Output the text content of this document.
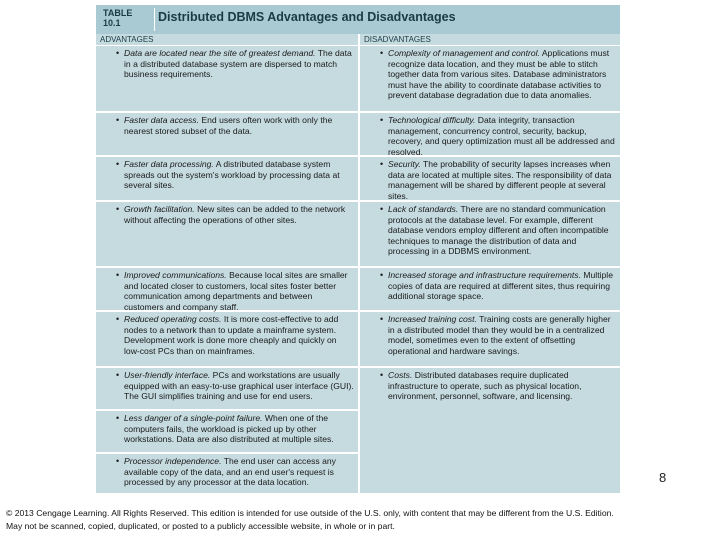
TABLE 10.1	Distributed DBMS Advantages and Disadvantages
ADVANTAGES	DISADVANTAGES
• Data are located near the site of greatest demand. The data in a distributed database system are dispersed to match business requirements.
• Faster data access. End users often work with only the nearest stored subset of the data.
• Faster data processing. A distributed database system spreads out the system's workload by processing data at several sites.
• Growth facilitation. New sites can be added to the network without affecting the operations of other sites.
• Improved communications. Because local sites are smaller and located closer to customers, local sites foster better communication among departments and between customers and company staff.
• Reduced operating costs. It is more cost-effective to add nodes to a network than to update a mainframe system. Development work is done more cheaply and quickly on low-cost PCs than on mainframes.
• User-friendly interface. PCs and workstations are usually equipped with an easy-to-use graphical user interface (GUI). The GUI simplifies training and use for end users.
• Less danger of a single-point failure. When one of the computers fails, the workload is picked up by other workstations. Data are also distributed at multiple sites.
• Processor independence. The end user can access any available copy of the data, and an end user's request is processed by any processor at the data location.
• Complexity of management and control. Applications must recognize data location, and they must be able to stitch together data from various sites. Database administrators must have the ability to coordinate database activities to prevent database degradation due to data anomalies.
• Technological difficulty. Data integrity, transaction management, concurrency control, security, backup, recovery, and query optimization must all be addressed and resolved.
• Security. The probability of security lapses increases when data are located at multiple sites. The responsibility of data management will be shared by different people at several sites.
• Lack of standards. There are no standard communication protocols at the database level. For example, different database vendors employ different and often incompatible techniques to manage the distribution of data and processing in a DDBMS environment.
• Increased storage and infrastructure requirements. Multiple copies of data are required at different sites, thus requiring additional storage space.
• Increased training cost. Training costs are generally higher in a distributed model than they would be in a centralized model, sometimes even to the extent of offsetting operational and hardware savings.
• Costs. Distributed databases require duplicated infrastructure to operate, such as physical location, environment, personnel, software, and licensing.
8
© 2013 Cengage Learning. All Rights Reserved. This edition is intended for use outside of the U.S. only, with content that may be different from the U.S. Edition.
May not be scanned, copied, duplicated, or posted to a publicly accessible website, in whole or in part.
